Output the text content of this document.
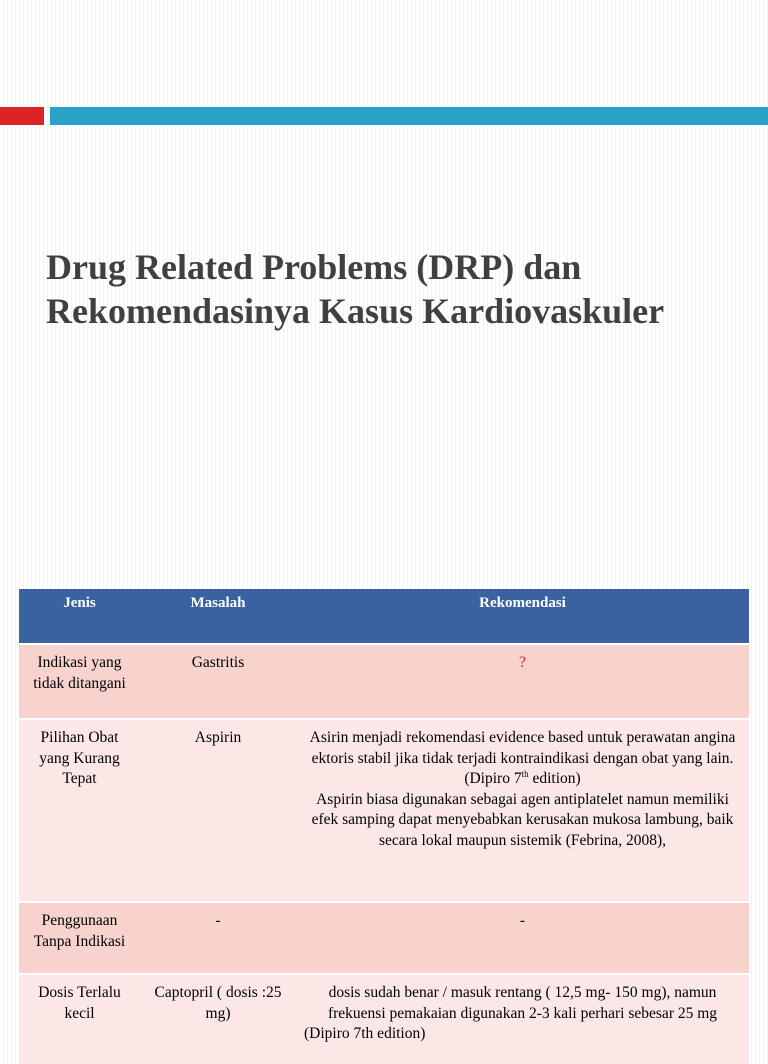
Drug Related Problems (DRP) dan
Rekomendasinya Kasus Kardiovaskuler
Jenis	Masalah	Rekomendasi
Indikasi yang tidak ditangani	Gastritis	?
Pilihan Obat yang Kurang Tepat	Aspirin	Asirin menjadi rekomendasi evidence based untuk perawatan angina ektoris stabil jika tidak terjadi kontraindikasi dengan obat yang lain. (Dipiro 7th edition)
Aspirin biasa digunakan sebagai agen antiplatelet namun memiliki efek samping dapat menyebabkan kerusakan mukosa lambung, baik secara lokal maupun sistemik (Febrina, 2008),

Penggunaan Tanpa Indikasi	-	-
Dosis Terlalu kecil	Captopril ( dosis :25 mg)	dosis sudah benar / masuk rentang ( 12,5 mg- 150 mg), namun frekuensi pemakaian digunakan 2-3 kali perhari sebesar 25 mg (Dipiro 7th edition)
